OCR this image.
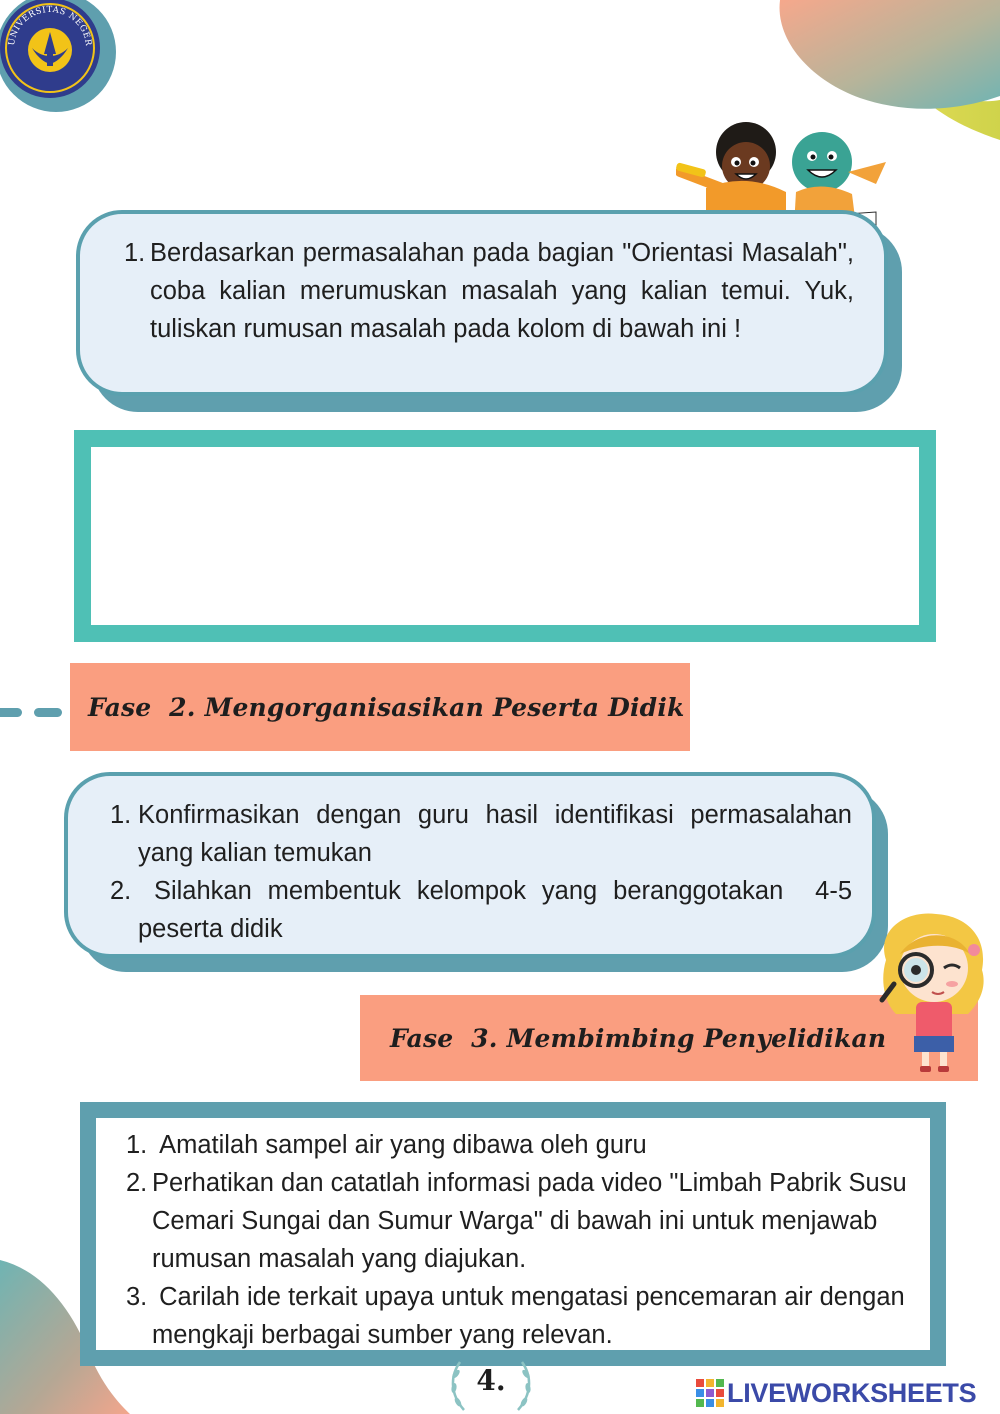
UNIVERSITAS NEGER
1. Berdasarkan permasalahan pada bagian "Orientasi Masalah", coba kalian merumuskan masalah yang kalian temui. Yuk, tuliskan rumusan masalah pada kolom di bawah ini !
Fase  2. Mengorganisasikan Peserta Didik
1. Konfirmasikan dengan guru hasil identifikasi permasalahan yang kalian temukan
2. Silahkan membentuk kelompok yang beranggotakan  4-5 peserta didik
Fase  3. Membimbing Penyelidikan
1. Amatilah sampel air yang dibawa oleh guru
2. Perhatikan dan catatlah informasi pada video "Limbah Pabrik Susu Cemari Sungai dan Sumur Warga" di bawah ini untuk menjawab rumusan masalah yang diajukan.
3. Carilah ide terkait upaya untuk mengatasi pencemaran air dengan mengkaji berbagai sumber yang relevan.
4.	LIVEWORKSHEETS
